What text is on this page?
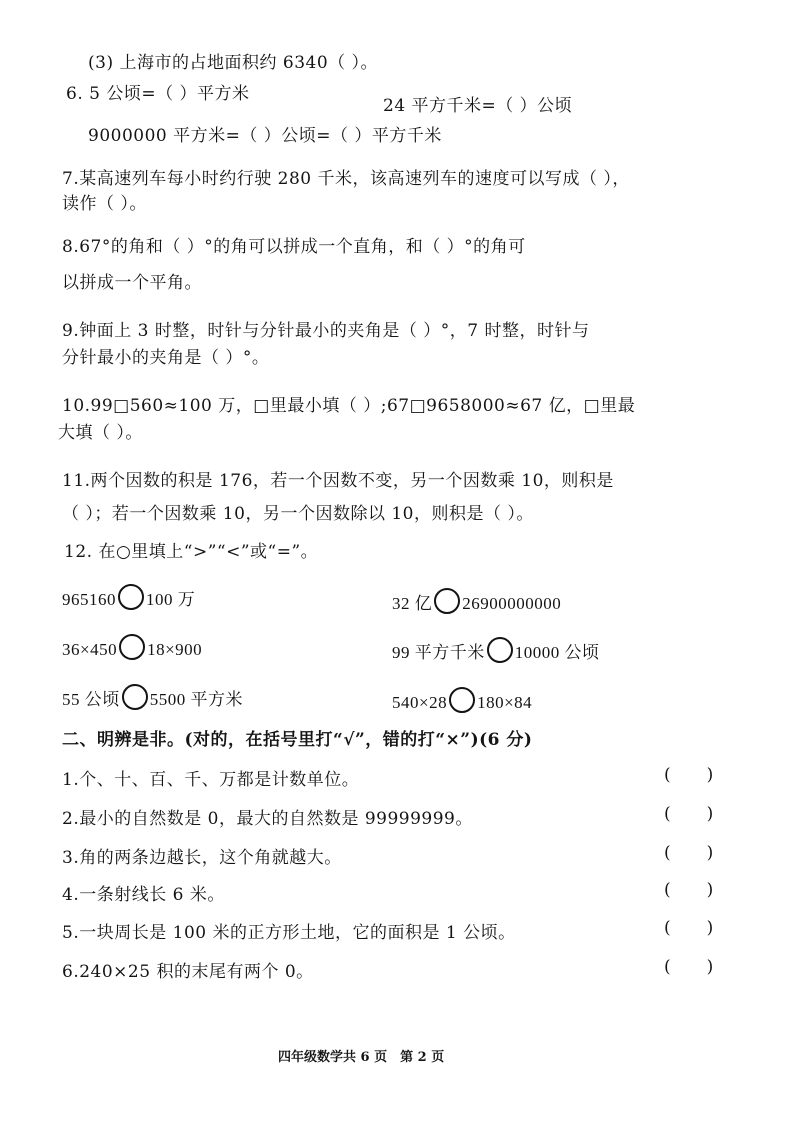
(3) 上海市的占地面积约 6340（ ）。
6. 5 公顷=（ ）平方米
24 平方千米=（ ）公顷
9000000 平方米=（ ）公顷=（ ）平方千米
7.某高速列车每小时约行驶 280 千米，该高速列车的速度可以写成（ ），
读作（ ）。
8.67°的角和（ ）°的角可以拼成一个直角，和（ ）°的角可
以拼成一个平角。
9.钟面上 3 时整，时针与分针最小的夹角是（ ）°，7 时整，时针与
分针最小的夹角是（ ）°。
10.99□560≈100 万，□里最小填（ ）;67□9658000≈67 亿，□里最
大填（ ）。
11.两个因数的积是 176，若一个因数不变，另一个因数乘 10，则积是
（ ）；若一个因数乘 10，另一个因数除以 10，则积是（ ）。
12. 在○里填上“>”“<”或“=”。
965160 100 万	32 亿 26900000000
36×450 18×900	99 平方千米 10000 公顷
55 公顷 5500 平方米	540×28 180×84
二、明辨是非。(对的，在括号里打“√”，错的打“×”)(6 分)
1.个、十、百、千、万都是计数单位。	()
2.最小的自然数是 0，最大的自然数是 99999999。	()
3.角的两条边越长，这个角就越大。	()
4.一条射线长 6 米。	()
5.一块周长是 100 米的正方形土地，它的面积是 1 公顷。	()
6.240×25 积的末尾有两个 0。	()
四年级数学共 6 页　第 2 页
